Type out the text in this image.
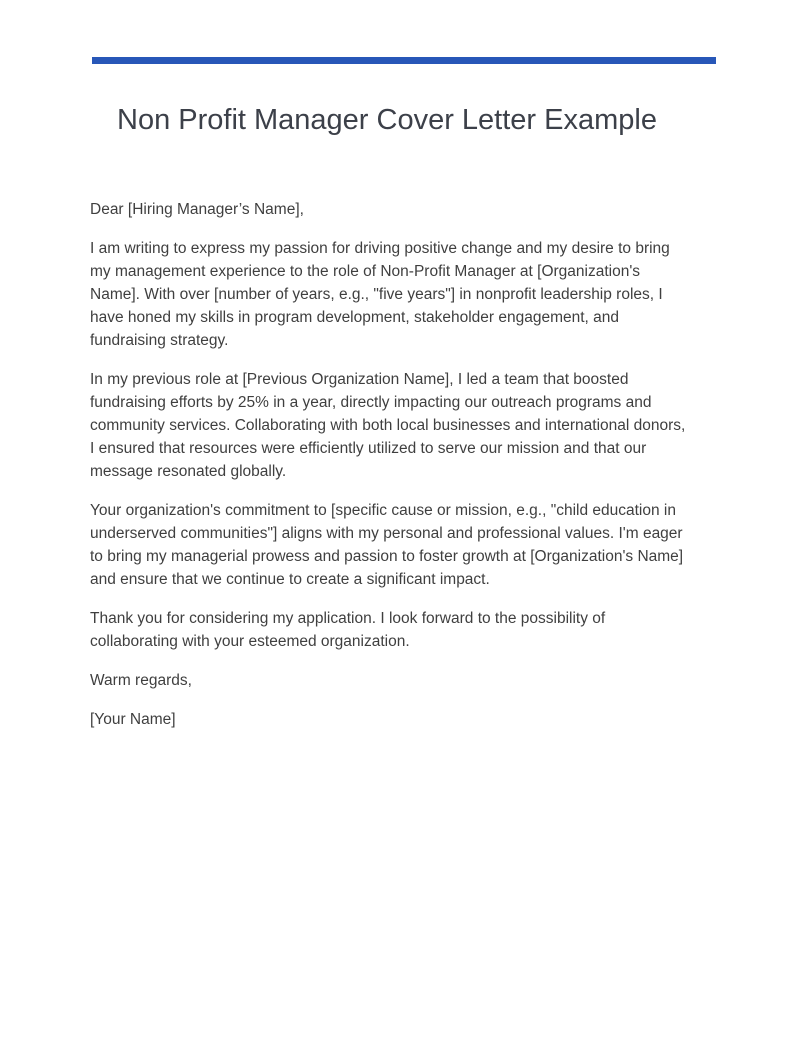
Non Profit Manager Cover Letter Example

Dear [Hiring Manager’s Name],

I am writing to express my passion for driving positive change and my desire to bring my management experience to the role of Non-Profit Manager at [Organization's Name]. With over [number of years, e.g., "five years"] in nonprofit leadership roles, I have honed my skills in program development, stakeholder engagement, and fundraising strategy.

In my previous role at [Previous Organization Name], I led a team that boosted fundraising efforts by 25% in a year, directly impacting our outreach programs and community services. Collaborating with both local businesses and international donors, I ensured that resources were efficiently utilized to serve our mission and that our message resonated globally.

Your organization's commitment to [specific cause or mission, e.g., "child education in underserved communities"] aligns with my personal and professional values. I'm eager to bring my managerial prowess and passion to foster growth at [Organization's Name] and ensure that we continue to create a significant impact.

Thank you for considering my application. I look forward to the possibility of collaborating with your esteemed organization.

Warm regards,

[Your Name]
